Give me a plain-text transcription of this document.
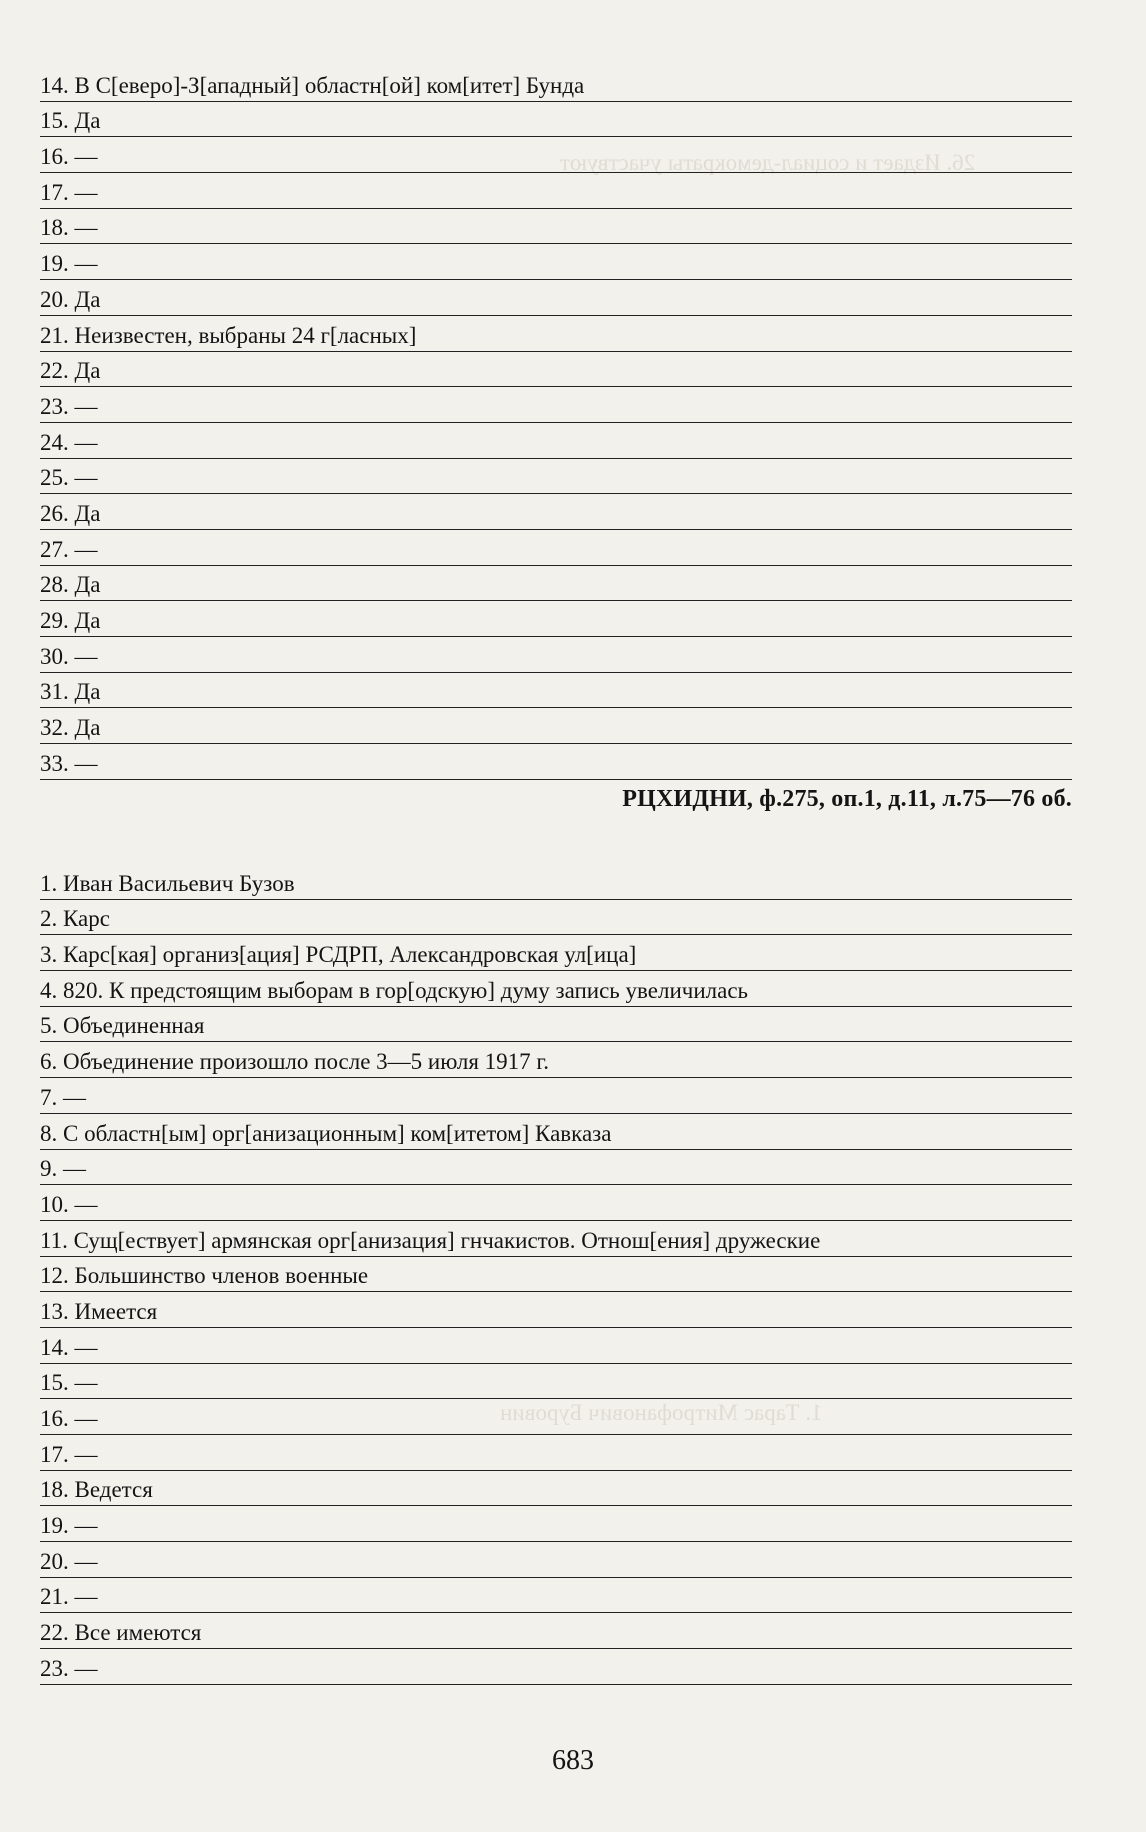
26. Издает и социал-демократы участвуют
1. Тарас Митрофанович Буровин
14. В С[еверо]-З[ападный] областн[ой] ком[итет] Бунда
15. Да
16. —
17. —
18. —
19. —
20. Да
21. Неизвестен, выбраны 24 г[ласных]
22. Да
23. —
24. —
25. —
26. Да
27. —
28. Да
29. Да
30. —
31. Да
32. Да
33. —
РЦХИДНИ, ф.275, оп.1, д.11, л.75—76 об.
1. Иван Васильевич Бузов
2. Карс
3. Карс[кая] организ[ация] РСДРП, Александровская ул[ица]
4. 820. К предстоящим выборам в гор[одскую] думу запись увеличилась
5. Объединенная
6. Объединение произошло после 3—5 июля 1917 г.
7. —
8. С областн[ым] орг[анизационным] ком[итетом] Кавказа
9. —
10. —
11. Сущ[ествует] армянская орг[анизация] гнчакистов. Отнош[ения] дружеские
12. Большинство членов военные
13. Имеется
14. —
15. —
16. —
17. —
18. Ведется
19. —
20. —
21. —
22. Все имеются
23. —
683
